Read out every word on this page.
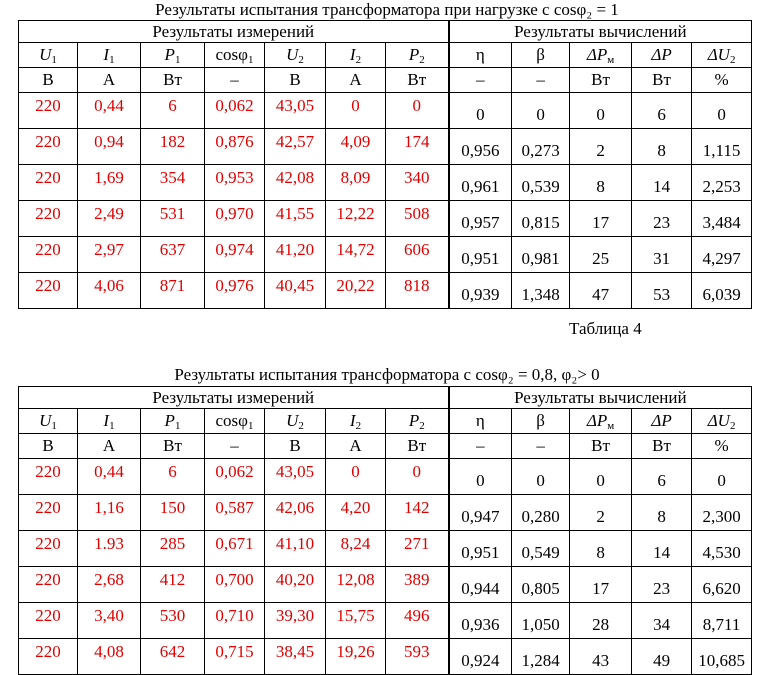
Результаты испытания трансформатора при нагрузке с cosφ₂ = 1
Результаты измерений							Результаты вычислений				
$U_1$	$I_1$	$P_1$	cosφ$_1$	$U_2$	$I_2$	$P_2$	η	β	$\Delta P_м$	ΔP	$\Delta U_2$
В	А	Вт	–	В	А	Вт	–	–	Вт	Вт	%
220	0,44	6	0,062	43,05	0	0	0	0	0	6	0
220	0,94	182	0,876	42,57	4,09	174	0,956	0,273	2	8	1,115
220	1,69	354	0,953	42,08	8,09	340	0,961	0,539	8	14	2,253
220	2,49	531	0,970	41,55	12,22	508	0,957	0,815	17	23	3,484
220	2,97	637	0,974	41,20	14,72	606	0,951	0,981	25	31	4,297
220	4,06	871	0,976	40,45	20,22	818	0,939	1,348	47	53	6,039
Таблица 4
Результаты испытания трансформатора с cosφ₂ = 0,8, φ₂> 0
Результаты измерений							Результаты вычислений				
$U_1$	$I_1$	$P_1$	cosφ$_1$	$U_2$	$I_2$	$P_2$	η	β	$\Delta P_м$	ΔP	$\Delta U_2$
В	А	Вт	–	В	А	Вт	–	–	Вт	Вт	%
220	0,44	6	0,062	43,05	0	0	0	0	0	6	0
220	1,16	150	0,587	42,06	4,20	142	0,947	0,280	2	8	2,300
220	1.93	285	0,671	41,10	8,24	271	0,951	0,549	8	14	4,530
220	2,68	412	0,700	40,20	12,08	389	0,944	0,805	17	23	6,620
220	3,40	530	0,710	39,30	15,75	496	0,936	1,050	28	34	8,711
220	4,08	642	0,715	38,45	19,26	593	0,924	1,284	43	49	10,685
